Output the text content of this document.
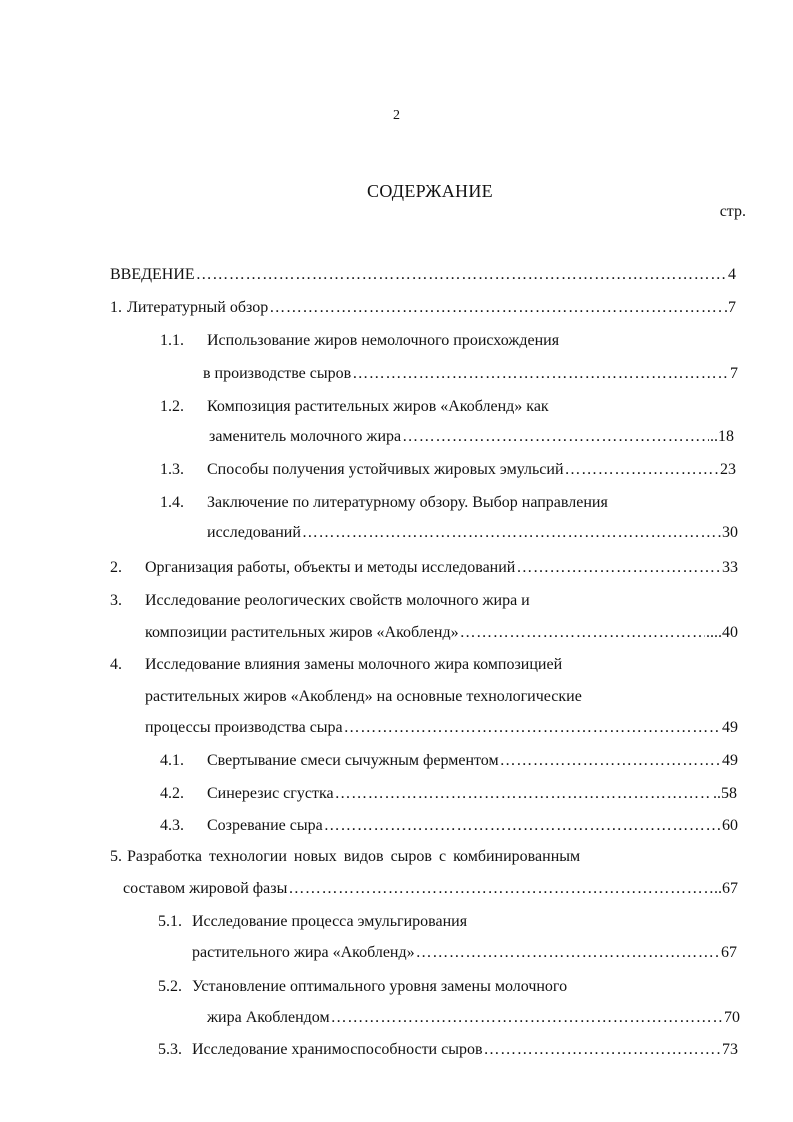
2
СОДЕРЖАНИЕ
стр.
ВВЕДЕНИЕ …………………………………………………………………………………………………………………………………………………………………………………………	4
1. Литературный обзор …………………………………………………………………………………………………………………………………………………………………………………………	.7
1.1. Использование жиров немолочного происхождения
в производстве сыров …………………………………………………………………………………………………………………………………………………………………………………………	7
1.2. Композиция растительных жиров «Акобленд» как
заменитель молочного жира …………………………………………………………………………………………………………………………………………………………………………………………	..18
1.3. Способы получения устойчивых жировых эмульсий …………………………………………………………………………………………………………………………………………………………………………………………	23
1.4. Заключение по литературному обзору. Выбор направления
исследований …………………………………………………………………………………………………………………………………………………………………………………………	30
2. Организация работы, объекты и методы исследований …………………………………………………………………………………………………………………………………………………………………………………………	33
3. Исследование реологических свойств молочного жира и
композиции растительных жиров «Акобленд» …………………………………………………………………………………………………………………………………………………………………………………………	....40
4. Исследование влияния замены молочного жира композицией
растительных жиров «Акобленд» на основные технологические
процессы производства сыра …………………………………………………………………………………………………………………………………………………………………………………………	49
4.1. Свертывание смеси сычужным ферментом …………………………………………………………………………………………………………………………………………………………………………………………	49
4.2. Синерезис сгустка …………………………………………………………………………………………………………………………………………………………………………………………	..58
4.3. Созревание сыра …………………………………………………………………………………………………………………………………………………………………………………………	60
5. Разработка технологии новых видов сыров с комбинированным
составом жировой фазы …………………………………………………………………………………………………………………………………………………………………………………………	..67
5.1. Исследование процесса эмульгирования
растительного жира «Акобленд» …………………………………………………………………………………………………………………………………………………………………………………………	67
5.2. Установление оптимального уровня замены молочного
жира Акоблендом …………………………………………………………………………………………………………………………………………………………………………………………	70
5.3. Исследование хранимоспособности сыров …………………………………………………………………………………………………………………………………………………………………………………………	73
